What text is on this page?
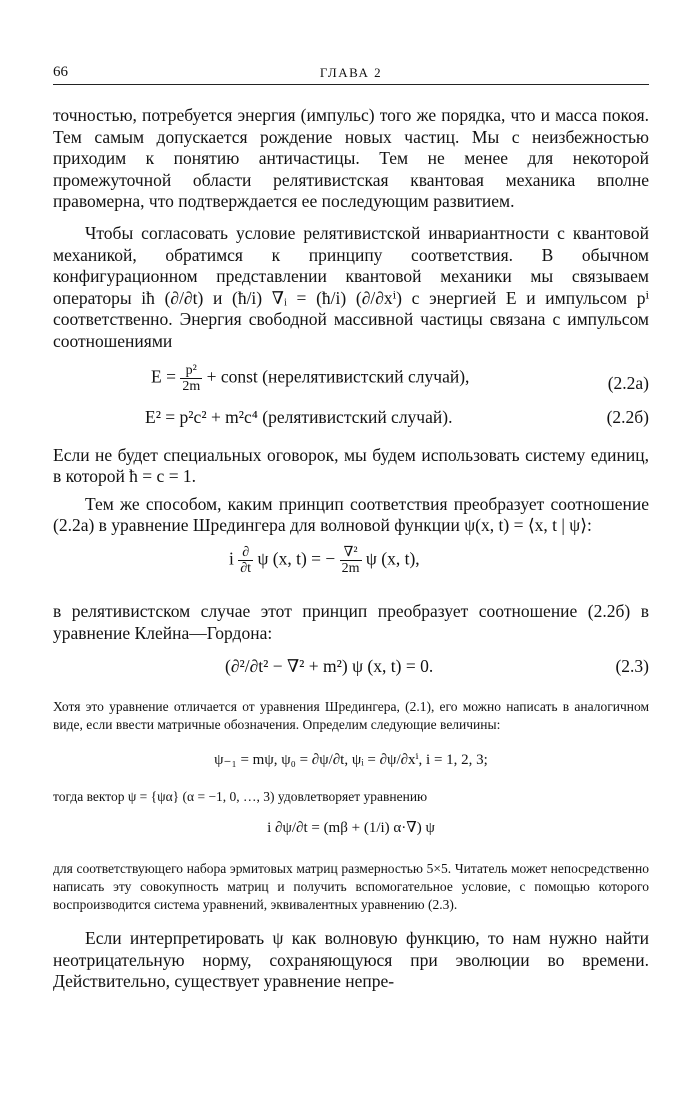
66	ГЛАВА 2

точностью, потребуется энергия (импульс) того же порядка, что и масса покоя. Тем самым допускается рождение новых частиц. Мы с неизбежностью приходим к понятию античастицы. Тем не менее для некоторой промежуточной области релятивистская квантовая механика вполне правомерна, что подтверждается ее последующим развитием.

Чтобы согласовать условие релятивистской инвариантности с квантовой механикой, обратимся к принципу соответствия. В обычном конфигурационном представлении квантовой механики мы связываем операторы iħ (∂/∂t) и (ħ/i) ∇ᵢ = (ħ/i) (∂/∂xⁱ) с энергией E и импульсом pⁱ соответственно. Энергия свободной массивной частицы связана с импульсом соотношениями

$E = \frac{\text{p²}}{2m}$ + const (нерелятивистский случай),	(2.2а)
E² = p²c² + m²c⁴ (релятивистский случай).	(2.2б)

Если не будет специальных оговорок, мы будем использовать систему единиц, в которой ħ = c = 1.

Тем же способом, каким принцип соответствия преобразует соотношение (2.2а) в уравнение Шредингера для волновой функции ψ(x, t) = ⟨x, t | ψ⟩:

i $\frac{\partial}{\partial t}$ ψ (x, t) = − $\frac{\text{∇²}}{2m}$ ψ (x, t),

в релятивистском случае этот принцип преобразует соотношение (2.2б) в уравнение Клейна—Гордона:

(∂²/∂t² − ∇² + m²) ψ (x, t) = 0.	(2.3)

Хотя это уравнение отличается от уравнения Шредингера, (2.1), его можно написать в аналогичном виде, если ввести матричные обозначения. Определим следующие величины:

ψ₋₁ = mψ, ψ₀ = ∂ψ/∂t, ψᵢ = ∂ψ/∂xⁱ, i = 1, 2, 3;

тогда вектор ψ = {ψα} (α = −1, 0, …, 3) удовлетворяет уравнению

i ∂ψ/∂t = (mβ + (1/i) α·∇) ψ

для соответствующего набора эрмитовых матриц размерностью 5×5. Читатель может непосредственно написать эту совокупность матриц и получить вспомогательное условие, с помощью которого воспроизводится система уравнений, эквивалентных уравнению (2.3).

Если интерпретировать ψ как волновую функцию, то нам нужно найти неотрицательную норму, сохраняющуюся при эволюции во времени. Действительно, существует уравнение непре-
